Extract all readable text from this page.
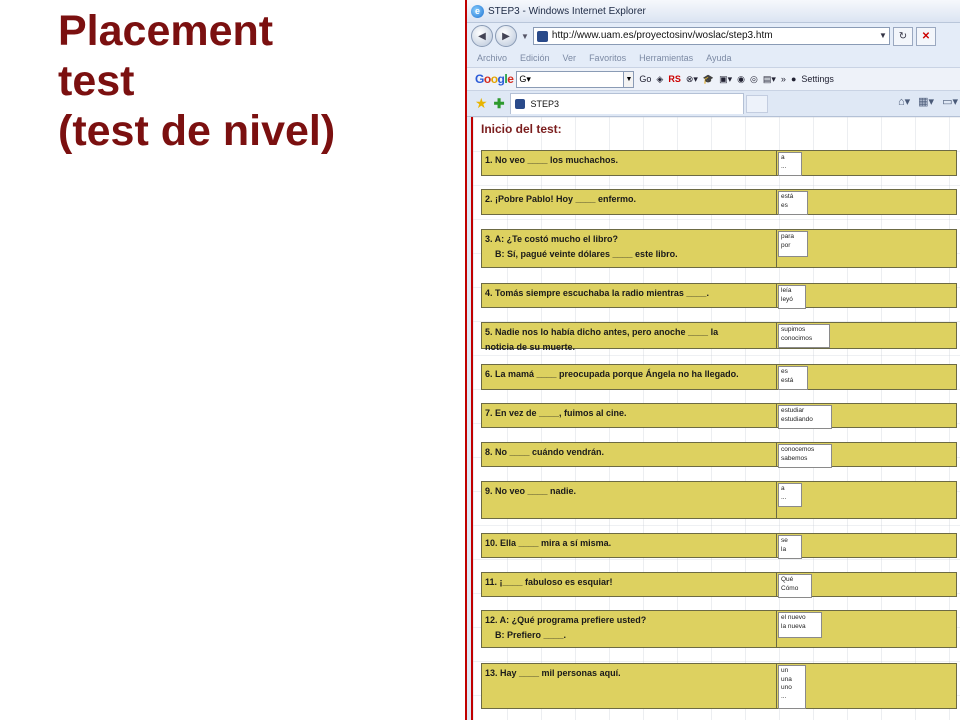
Placement
test
(test de nivel)
e STEP3 - Windows Internet Explorer
◀	▶	▼ http://www.uam.es/proyectosinv/woslac/step3.htm	▼	↻	✕
Archivo Edición Ver Favoritos Herramientas Ayuda
Google G▾	▼ Go ◈ RS ⊗▾ 🎓 ▣▾ ◉ ◎ ▤▾ » ● Settings
★ ✚	STEP3	⌂▾ ▦▾ ▭▾
Inicio del test:
1. No veo ____ los muchachos.	a
...
2. ¡Pobre Pablo! Hoy ____ enfermo.	está
es
3. A: ¿Te costó mucho el libro?
B: Sí, pagué veinte dólares ____ este libro.
para
por
4. Tomás siempre escuchaba la radio mientras ____.	leía
leyó
5. Nadie nos lo había dicho antes, pero anoche ____ la
noticia de su muerte.
supimos
conocimos
6. La mamá ____ preocupada porque Ángela no ha llegado.	es
está
7. En vez de ____, fuimos al cine.	estudiar
estudiando
8. No ____ cuándo vendrán.	conocemos
sabemos
9. No veo ____ nadie.	a
...
10. Ella ____ mira a sí misma.	se
la
11. ¡____ fabuloso es esquiar!	Qué
Cómo
12. A: ¿Qué programa prefiere usted?
B: Prefiero ____.
el nuevo
la nueva
13. Hay ____ mil personas aquí.	un
una
uno
...
